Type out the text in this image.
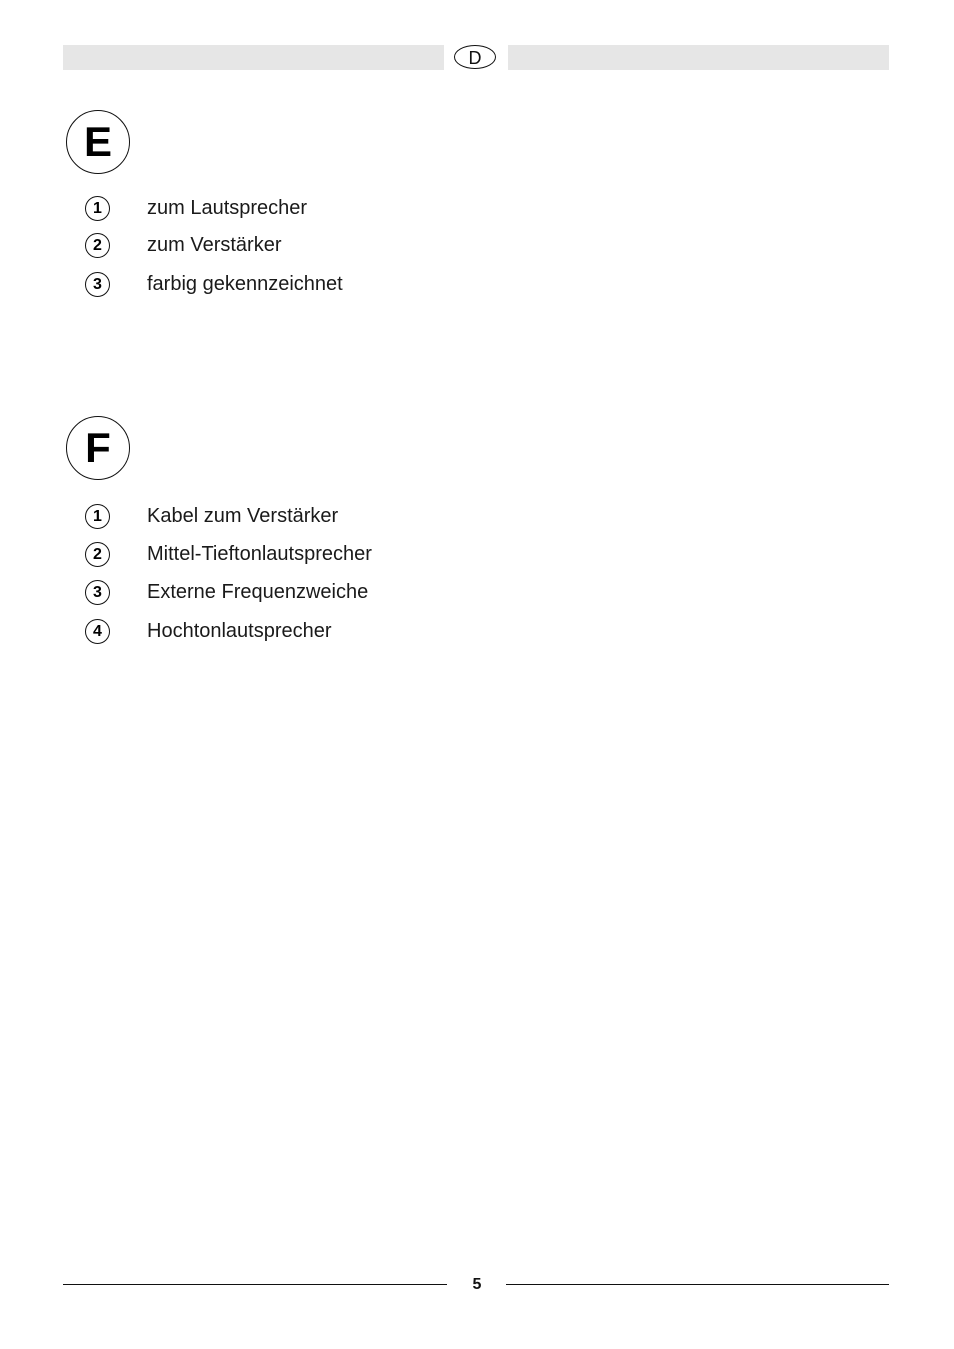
D
E
1	zum Lautsprecher
2	zum Verstärker
3	farbig gekennzeichnet
F
1	Kabel zum Verstärker
2	Mittel-Tieftonlautsprecher
3	Externe Frequenzweiche
4	Hochtonlautsprecher
5
